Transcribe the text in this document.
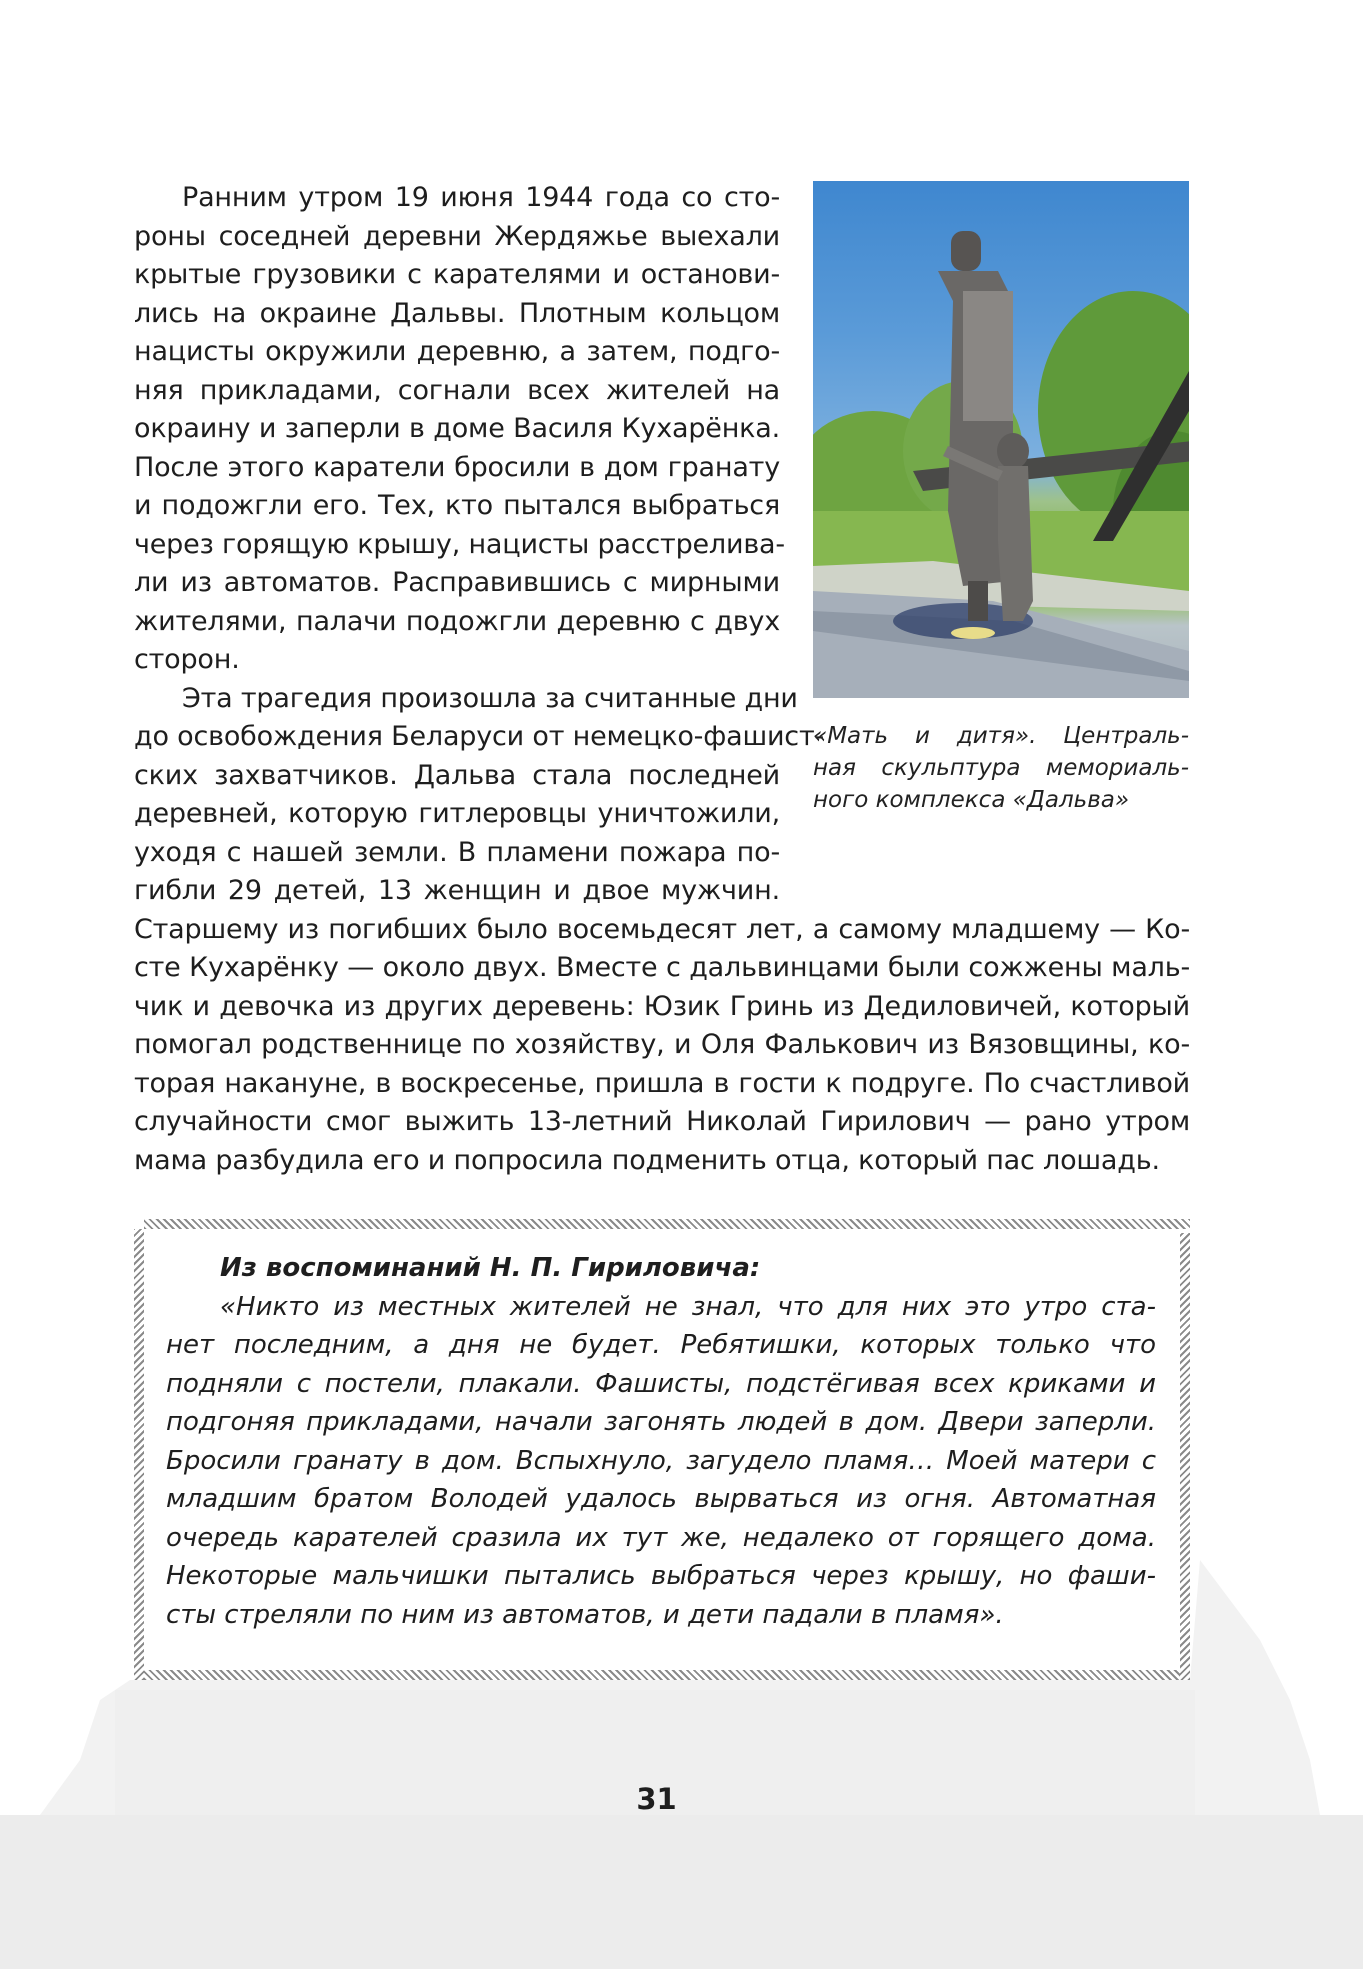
Ранним утром 19 июня 1944 года со сто-
роны соседней деревни Жердяжье выехали
крытые грузовики с карателями и останови-
лись на окраине Дальвы. Плотным кольцом
нацисты окружили деревню, а затем, подго-
няя прикладами, согнали всех жителей на
окраину и заперли в доме Василя Кухарёнка.
После этого каратели бросили в дом гранату
и подожгли его. Тех, кто пытался выбраться
через горящую крышу, нацисты расстрелива-
ли из автоматов. Расправившись с мирными
жителями, палачи подожгли деревню с двух
сторон.
Эта трагедия произошла за считанные дни
до освобождения Беларуси от немецко-фашист-
ских захватчиков. Дальва стала последней
деревней, которую гитлеровцы уничтожили,
уходя с нашей земли. В пламени пожара по-
гибли 29 детей, 13 женщин и двое мужчин.
Старшему из погибших было восемьдесят лет, а самому младшему — Ко-
сте Кухарёнку — около двух. Вместе с дальвинцами были сожжены маль-
чик и девочка из других деревень: Юзик Гринь из Дедиловичей, который
помогал родственнице по хозяйству, и Оля Фалькович из Вязовщины, ко-
торая накануне, в воскресенье, пришла в гости к подруге. По счастливой
случайности смог выжить 13-летний Николай Гирилович — рано утром
мама разбудила его и попросила подменить отца, который пас лошадь.
«Мать и дитя». Централь-
ная скульптура мемориаль-
ного комплекса «Дальва»
Из воспоминаний Н. П. Гириловича:
«Никто из местных жителей не знал, что для них это утро ста-
нет последним, а дня не будет. Ребятишки, которых только что
подняли с постели, плакали. Фашисты, подстёгивая всех криками и
подгоняя прикладами, начали загонять людей в дом. Двери заперли.
Бросили гранату в дом. Вспыхнуло, загудело пламя… Моей матери с
младшим братом Володей удалось вырваться из огня. Автоматная
очередь карателей сразила их тут же, недалеко от горящего дома.
Некоторые мальчишки пытались выбраться через крышу, но фаши-
сты стреляли по ним из автоматов, и дети падали в пламя».
31
